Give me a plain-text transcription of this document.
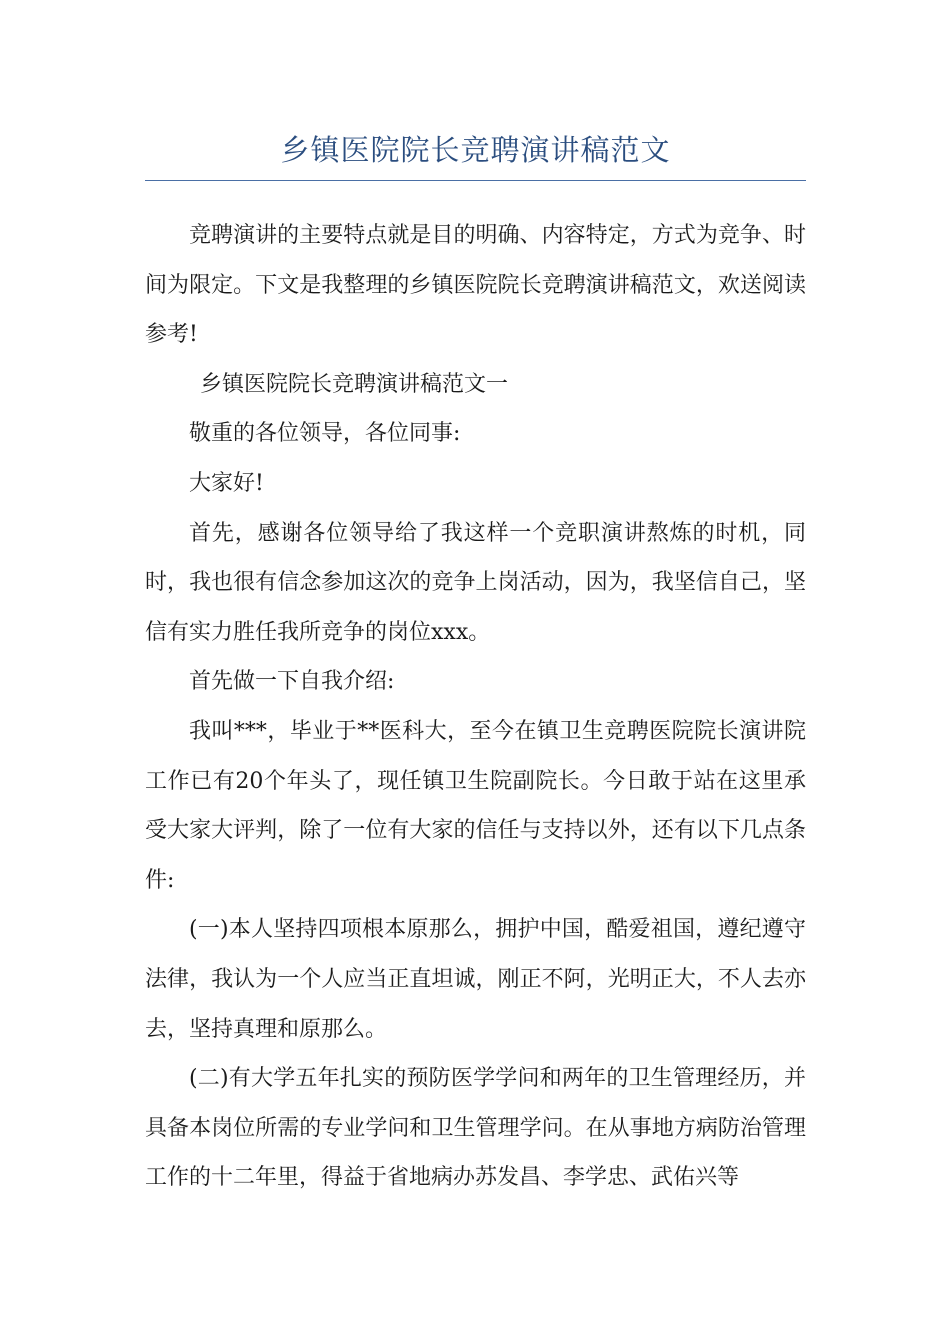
乡镇医院院长竞聘演讲稿范文

竞聘演讲的主要特点就是目的明确、内容特定，方式为竞争、时间为限定。下文是我整理的乡镇医院院长竞聘演讲稿范文，欢送阅读参考!

乡镇医院院长竞聘演讲稿范文一

敬重的各位领导，各位同事:

大家好!

首先，感谢各位领导给了我这样一个竞职演讲熬炼的时机，同时，我也很有信念参加这次的竞争上岗活动，因为，我坚信自己，坚信有实力胜任我所竞争的岗位xxx。

首先做一下自我介绍:

我叫***，毕业于**医科大，至今在镇卫生竞聘医院院长演讲院工作已有20个年头了，现任镇卫生院副院长。今日敢于站在这里承受大家大评判，除了一位有大家的信任与支持以外，还有以下几点条件:

(一)本人坚持四项根本原那么，拥护中国，酷爱祖国，遵纪遵守法律，我认为一个人应当正直坦诚，刚正不阿，光明正大，不人去亦去，坚持真理和原那么。

(二)有大学五年扎实的预防医学学问和两年的卫生管理经历，并具备本岗位所需的专业学问和卫生管理学问。在从事地方病防治管理工作的十二年里，得益于省地病办苏发昌、李学忠、武佑兴等
